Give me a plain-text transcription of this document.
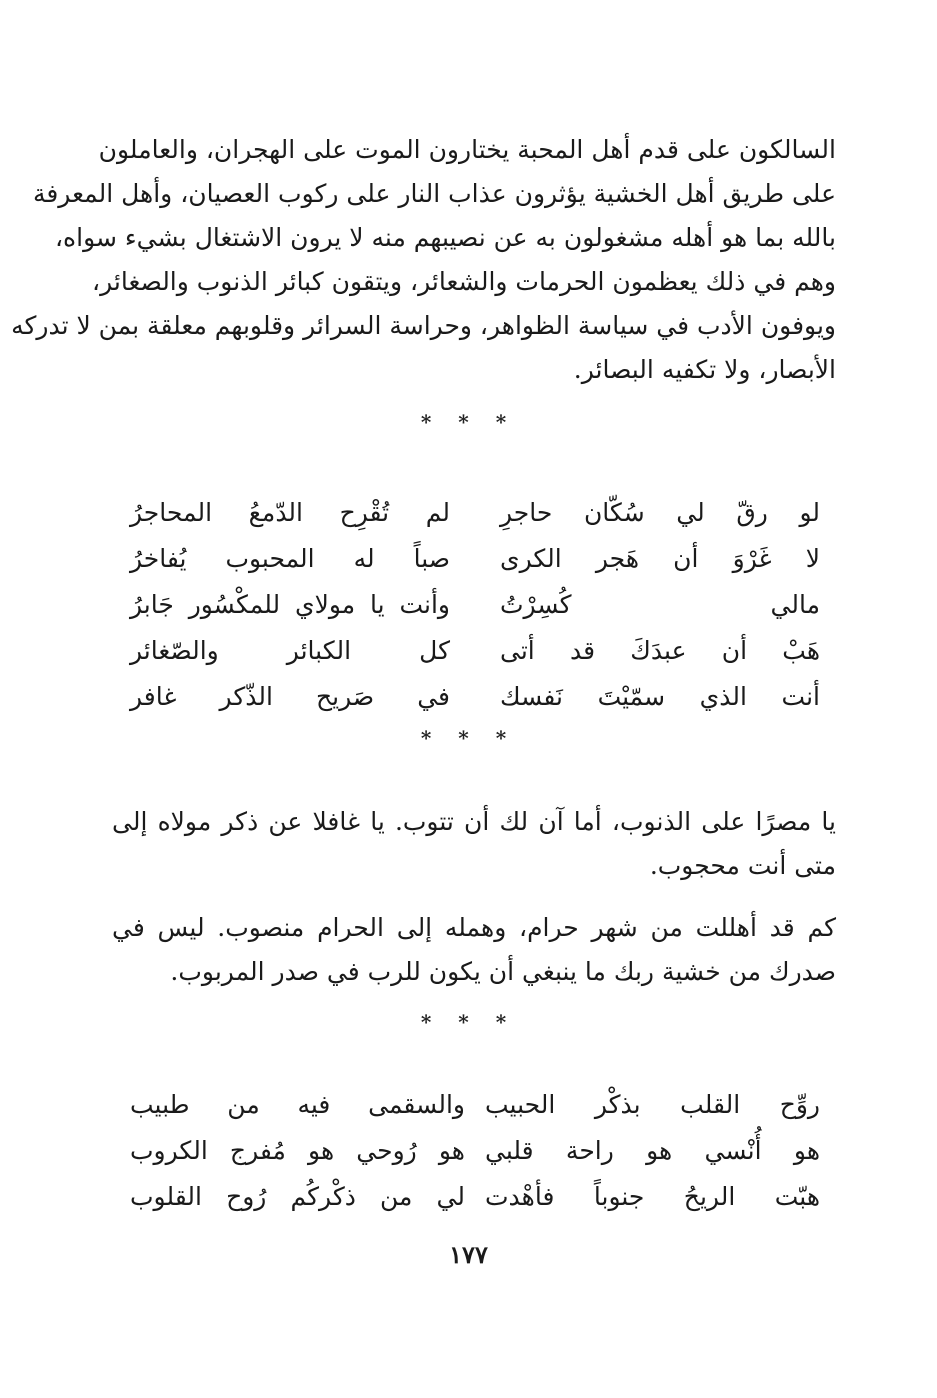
السالكون على قدم أهل المحبة يختارون الموت على الهجران، والعاملون
على طريق أهل الخشية يؤثرون عذاب النار على ركوب العصيان، وأهل المعرفة
بالله بما هو أهله مشغولون به عن نصيبهم منه لا يرون الاشتغال بشيء سواه،
وهم في ذلك يعظمون الحرمات والشعائر، ويتقون كبائر الذنوب والصغائر،
ويوفون الأدب في سياسة الظواهر، وحراسة السرائر وقلوبهم معلقة بمن لا تدركه
الأبصار، ولا تكفيه البصائر.
* * *
لو رقّ لي سُكّان حاجرِ
لم تُقْرِح الدّمعُ المحاجرُ
لا غَرْوَ أن هَجر الكرى
صباً له المحبوب يُفاخرُ
مالي كُسِرْتُ
وأنت يا مولاي للمكْسُور جَابرُ
هَبْ أن عبدَكَ قد أتى
كل الكبائر والصّغائر
أنت الذي سمّيْتَ نَفسك
في صَريح الذّكر غافر
* * *
يا مصرًا على الذنوب، أما آن لك أن تتوب. يا غافلا عن ذكر مولاه إلى
متى أنت محجوب.
كم قد أهللت من شهر حرام، وهمله إلى الحرام منصوب. ليس في
صدرك من خشية ربك ما ينبغي أن يكون للرب في صدر المربوب.
* * *
روِّح القلب بذكْر الحبيب
والسقمى فيه من طبيب
هو أُنْسي هو راحة قلبي
هو رُوحي هو مُفرج الكروب
هبّت الريحُ جنوباً فأهْدت
لي من ذكْركُم رُوح القلوب
١٧٧
